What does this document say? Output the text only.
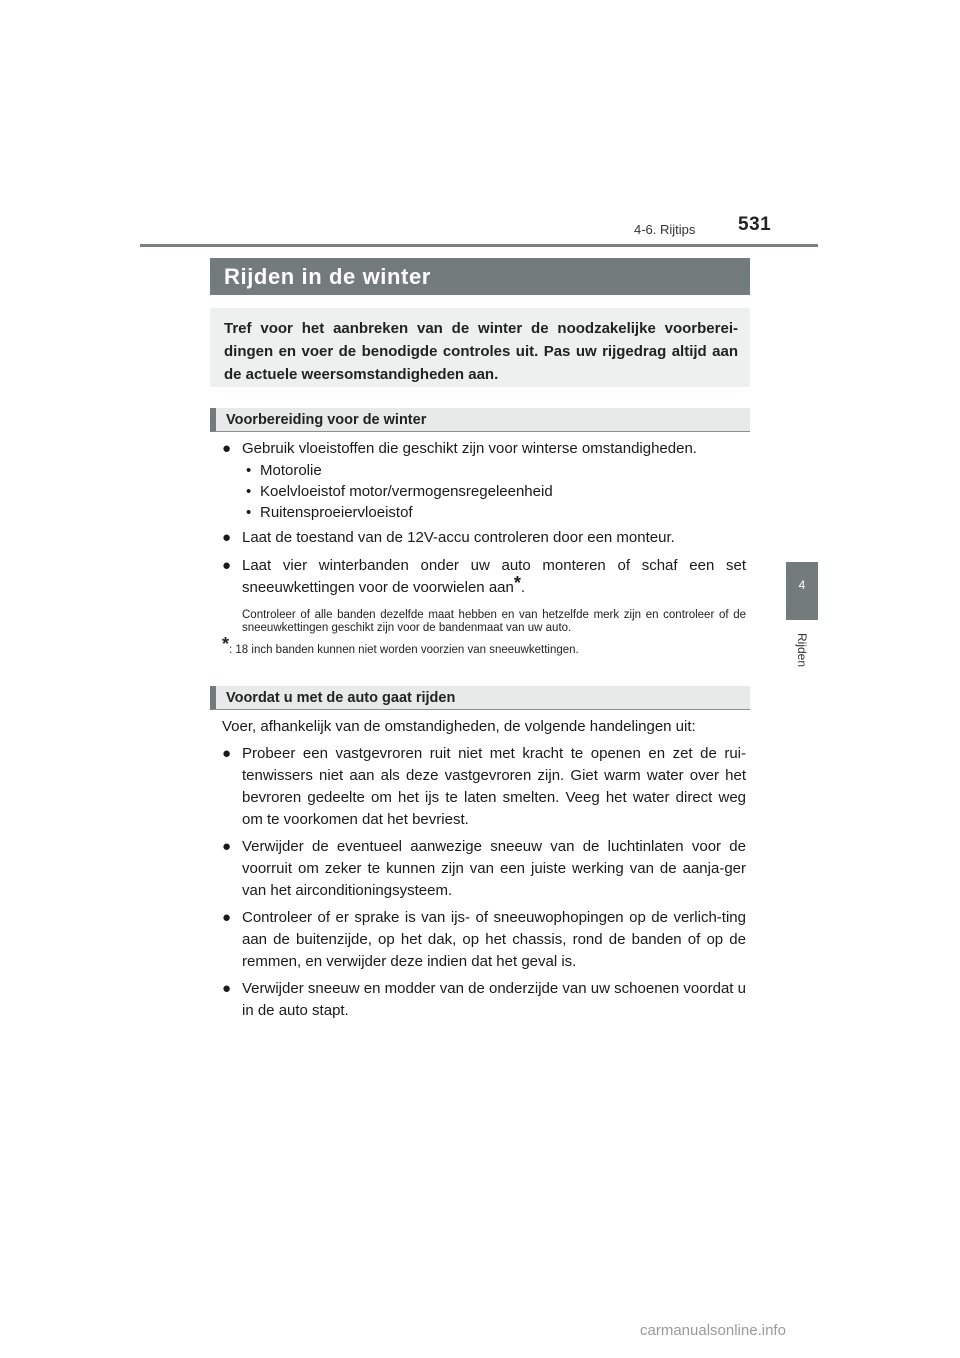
4-6. Rijtips 531
4
Rijden
Rijden in de winter
Tref voor het aanbreken van de winter de noodzakelijke voorberei-dingen en voer de benodigde controles uit. Pas uw rijgedrag altijd aan de actuele weersomstandigheden aan.
Voorbereiding voor de winter
● Gebruik vloeistoffen die geschikt zijn voor winterse omstandigheden.
• Motorolie
• Koelvloeistof motor/vermogensregeleenheid
• Ruitensproeiervloeistof
● Laat de toestand van de 12V-accu controleren door een monteur.
● Laat vier winterbanden onder uw auto monteren of schaf een set sneeuwkettingen voor de voorwielen aan*.
Controleer of alle banden dezelfde maat hebben en van hetzelfde merk zijn en controleer of de sneeuwkettingen geschikt zijn voor de bandenmaat van uw auto.
*: 18 inch banden kunnen niet worden voorzien van sneeuwkettingen.
Voordat u met de auto gaat rijden
Voer, afhankelijk van de omstandigheden, de volgende handelingen uit:
● Probeer een vastgevroren ruit niet met kracht te openen en zet de rui-tenwissers niet aan als deze vastgevroren zijn. Giet warm water over het bevroren gedeelte om het ijs te laten smelten. Veeg het water direct weg om te voorkomen dat het bevriest.
● Verwijder de eventueel aanwezige sneeuw van de luchtinlaten voor de voorruit om zeker te kunnen zijn van een juiste werking van de aanja-ger van het airconditioningsysteem.
● Controleer of er sprake is van ijs- of sneeuwophopingen op de verlich-ting aan de buitenzijde, op het dak, op het chassis, rond de banden of op de remmen, en verwijder deze indien dat het geval is.
● Verwijder sneeuw en modder van de onderzijde van uw schoenen voordat u in de auto stapt.
carmanualsonline.info
